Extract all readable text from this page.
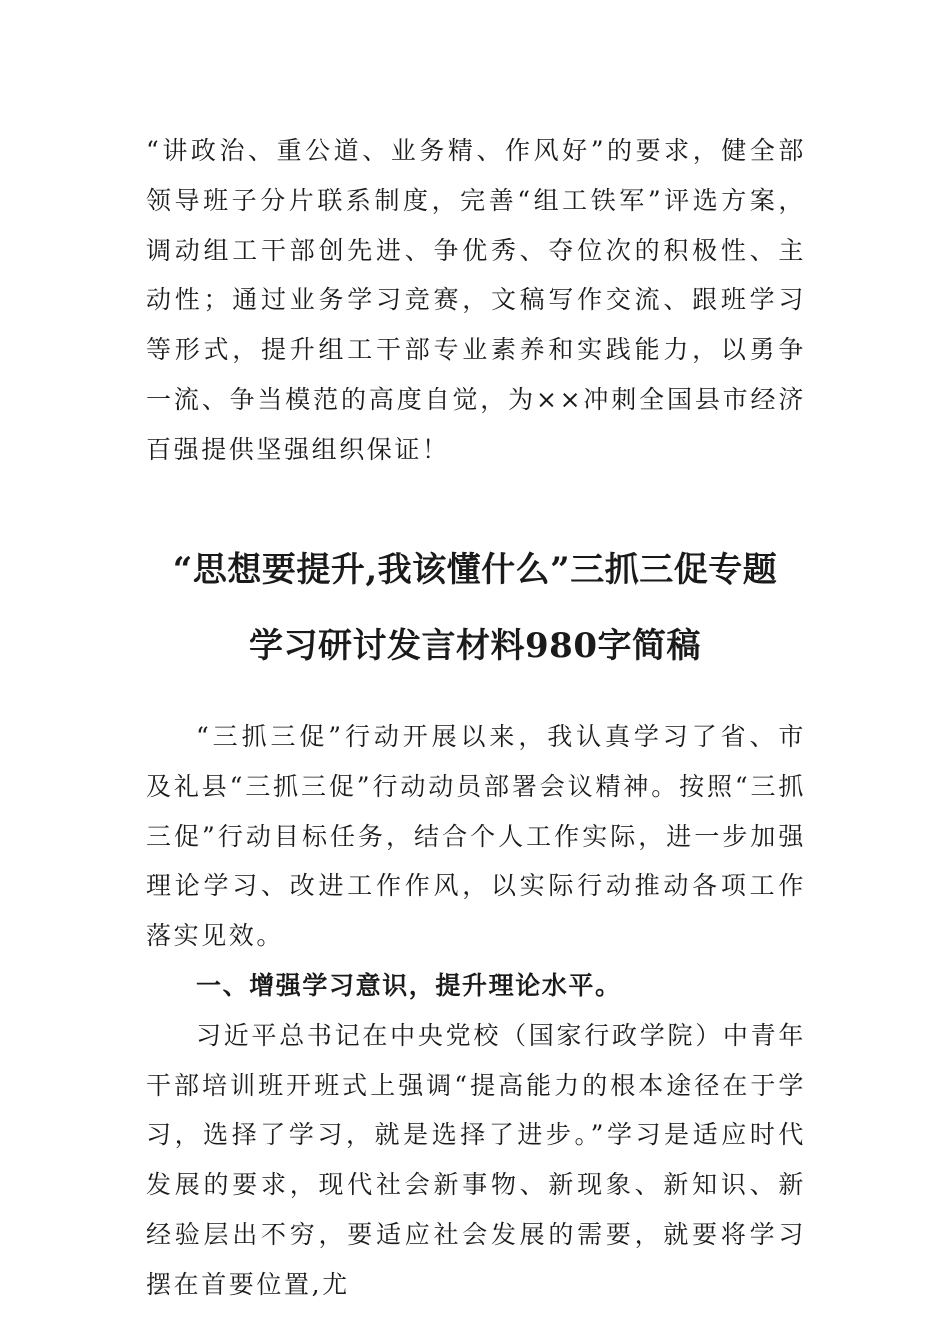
“讲政治、重公道、业务精、作风好”的要求，健全部领导班子分片联系制度，完善“组工铁军”评选方案，调动组工干部创先进、争优秀、夺位次的积极性、主动性；通过业务学习竞赛，文稿写作交流、跟班学习等形式，提升组工干部专业素养和实践能力，以勇争一流、争当模范的高度自觉，为××冲刺全国县市经济百强提供坚强组织保证！
“思想要提升,我该懂什么”三抓三促专题
学习研讨发言材料980字简稿

“三抓三促”行动开展以来，我认真学习了省、市及礼县“三抓三促”行动动员部署会议精神。按照“三抓三促”行动目标任务，结合个人工作实际，进一步加强理论学习、改进工作作风，以实际行动推动各项工作落实见效。

一、增强学习意识，提升理论水平。

习近平总书记在中央党校（国家行政学院）中青年干部培训班开班式上强调“提高能力的根本途径在于学习，选择了学习，就是选择了进步。”学习是适应时代发展的要求，现代社会新事物、新现象、新知识、新经验层出不穷，要适应社会发展的需要，就要将学习摆在首要位置,尤
